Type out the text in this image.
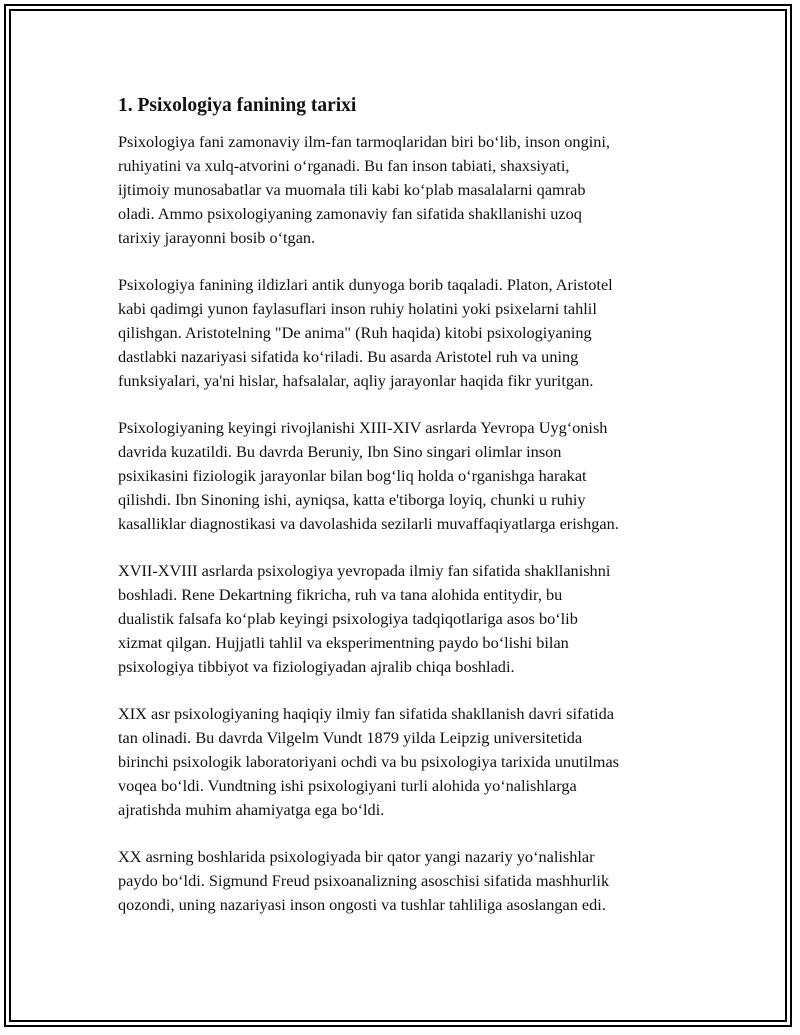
1. Psixologiya fanining tarixi

Psixologiya fani zamonaviy ilm-fan tarmoqlaridan biri bo‘lib, inson ongini,
ruhiyatini va xulq-atvorini o‘rganadi. Bu fan inson tabiati, shaxsiyati,
ijtimoiy munosabatlar va muomala tili kabi ko‘plab masalalarni qamrab
oladi. Ammo psixologiyaning zamonaviy fan sifatida shakllanishi uzoq
tarixiy jarayonni bosib o‘tgan.

Psixologiya fanining ildizlari antik dunyoga borib taqaladi. Platon, Aristotel
kabi qadimgi yunon faylasuflari inson ruhiy holatini yoki psixelarni tahlil
qilishgan. Aristotelning "De anima" (Ruh haqida) kitobi psixologiyaning
dastlabki nazariyasi sifatida ko‘riladi. Bu asarda Aristotel ruh va uning
funksiyalari, ya'ni hislar, hafsalalar, aqliy jarayonlar haqida fikr yuritgan.

Psixologiyaning keyingi rivojlanishi XIII-XIV asrlarda Yevropa Uyg‘onish
davrida kuzatildi. Bu davrda Beruniy, Ibn Sino singari olimlar inson
psixikasini fiziologik jarayonlar bilan bog‘liq holda o‘rganishga harakat
qilishdi. Ibn Sinoning ishi, ayniqsa, katta e'tiborga loyiq, chunki u ruhiy
kasalliklar diagnostikasi va davolashida sezilarli muvaffaqiyatlarga erishgan.

XVII-XVIII asrlarda psixologiya yevropada ilmiy fan sifatida shakllanishni
boshladi. Rene Dekartning fikricha, ruh va tana alohida entitydir, bu
dualistik falsafa ko‘plab keyingi psixologiya tadqiqotlariga asos bo‘lib
xizmat qilgan. Hujjatli tahlil va eksperimentning paydo bo‘lishi bilan
psixologiya tibbiyot va fiziologiyadan ajralib chiqa boshladi.

XIX asr psixologiyaning haqiqiy ilmiy fan sifatida shakllanish davri sifatida
tan olinadi. Bu davrda Vilgelm Vundt 1879 yilda Leipzig universitetida
birinchi psixologik laboratoriyani ochdi va bu psixologiya tarixida unutilmas
voqea bo‘ldi. Vundtning ishi psixologiyani turli alohida yo‘nalishlarga
ajratishda muhim ahamiyatga ega bo‘ldi.

XX asrning boshlarida psixologiyada bir qator yangi nazariy yo‘nalishlar
paydo bo‘ldi. Sigmund Freud psixoanalizning asoschisi sifatida mashhurlik
qozondi, uning nazariyasi inson ongosti va tushlar tahliliga asoslangan edi.
